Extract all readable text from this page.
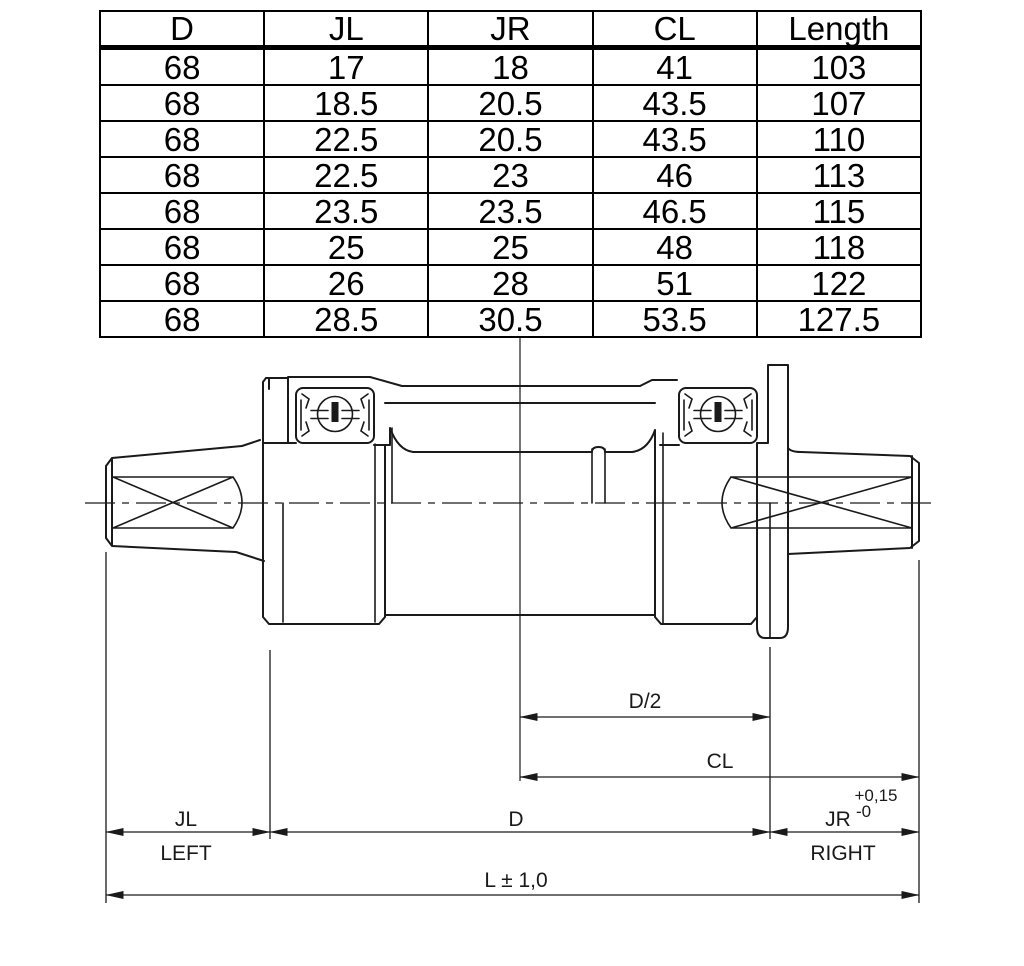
D	JL	JR	CL	Length
68	17	18	41	103
68	18.5	20.5	43.5	107
68	22.5	20.5	43.5	110
68	22.5	23	46	113
68	23.5	23.5	46.5	115
68	25	25	48	118
68	26	28	51	122
68	28.5	30.5	53.5	127.5
D/2
CL
JL	D	JR
+0,15
-0
LEFT	RIGHT
L ± 1,0
